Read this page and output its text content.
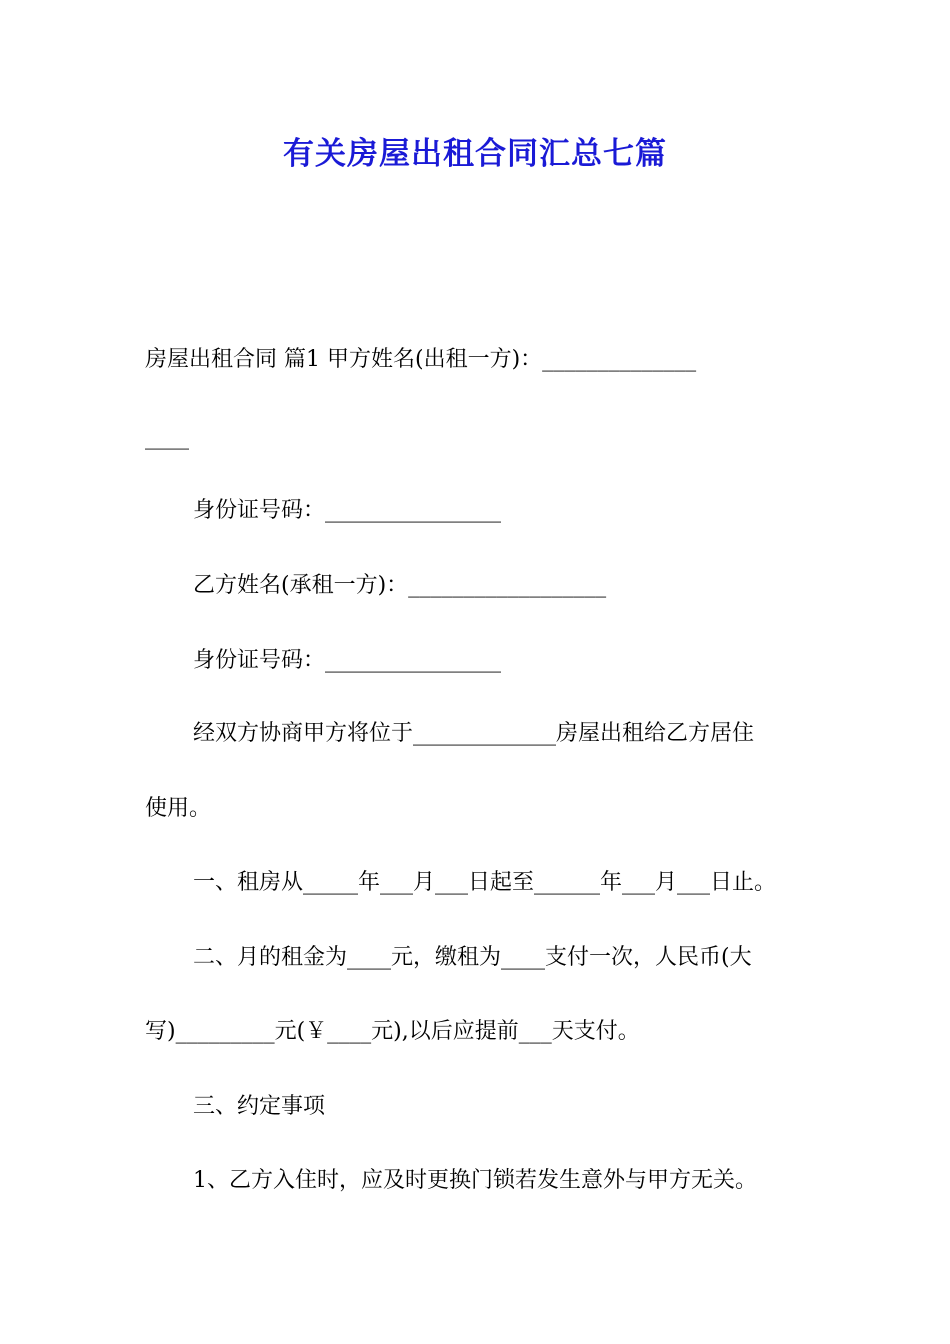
有关房屋出租合同汇总七篇
房屋出租合同 篇1 甲方姓名(出租一方)：______________
____
身份证号码：________________
乙方姓名(承租一方)：__________________
身份证号码：________________
经双方协商甲方将位于_____________房屋出租给乙方居住
使用。
一、租房从_____年___月___日起至______年___月___日止。
二、月的租金为____元，缴租为____支付一次，人民币(大
写)_________元(￥____元),以后应提前___天支付。
三、约定事项
1、乙方入住时，应及时更换门锁若发生意外与甲方无关。
